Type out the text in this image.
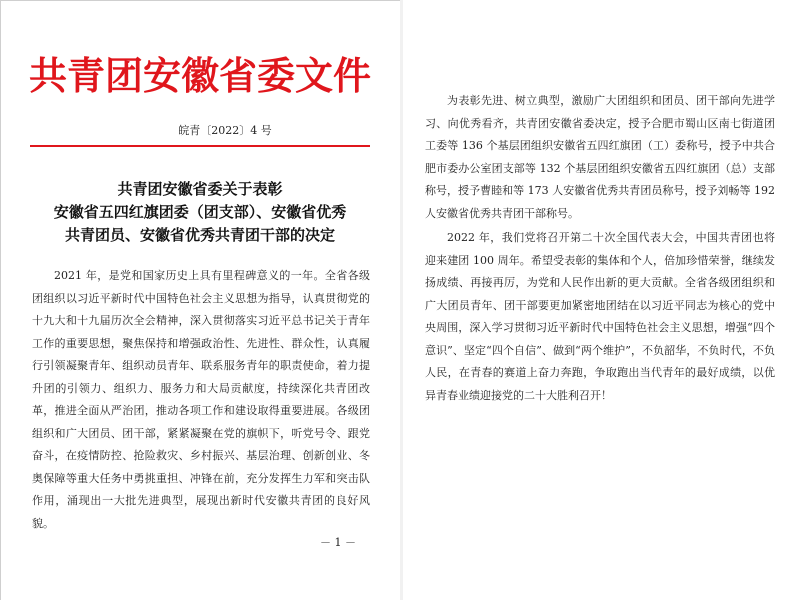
共青团安徽省委文件
皖青〔2022〕4 号
共青团安徽省委关于表彰
安徽省五四红旗团委（团支部）、安徽省优秀
共青团员、安徽省优秀共青团干部的决定

2021 年，是党和国家历史上具有里程碑意义的一年。全省各级团组织以习近平新时代中国特色社会主义思想为指导，认真贯彻党的十九大和十九届历次全会精神，深入贯彻落实习近平总书记关于青年工作的重要思想，聚焦保持和增强政治性、先进性、群众性，认真履行引领凝聚青年、组织动员青年、联系服务青年的职责使命，着力提升团的引领力、组织力、服务力和大局贡献度，持续深化共青团改革，推进全面从严治团，推动各项工作和建设取得重要进展。各级团组织和广大团员、团干部，紧紧凝聚在党的旗帜下，听党号令、跟党奋斗，在疫情防控、抢险救灾、乡村振兴、基层治理、创新创业、冬奥保障等重大任务中勇挑重担、冲锋在前，充分发挥生力军和突击队作用，涌现出一大批先进典型，展现出新时代安徽共青团的良好风貌。

－ 1 －

为表彰先进、树立典型，激励广大团组织和团员、团干部向先进学习、向优秀看齐，共青团安徽省委决定，授予合肥市蜀山区南七街道团工委等 136 个基层团组织安徽省五四红旗团（工）委称号，授予中共合肥市委办公室团支部等 132 个基层团组织安徽省五四红旗团（总）支部称号，授予曹睦和等 173 人安徽省优秀共青团员称号，授予刘畅等 192 人安徽省优秀共青团干部称号。

2022 年，我们党将召开第二十次全国代表大会，中国共青团也将迎来建团 100 周年。希望受表彰的集体和个人，倍加珍惜荣誉，继续发扬成绩、再接再厉，为党和人民作出新的更大贡献。全省各级团组织和广大团员青年、团干部要更加紧密地团结在以习近平同志为核心的党中央周围，深入学习贯彻习近平新时代中国特色社会主义思想，增强“四个意识”、坚定“四个自信”、做到“两个维护”，不负韶华，不负时代，不负人民，在青春的赛道上奋力奔跑，争取跑出当代青年的最好成绩，以优异青春业绩迎接党的二十大胜利召开！
